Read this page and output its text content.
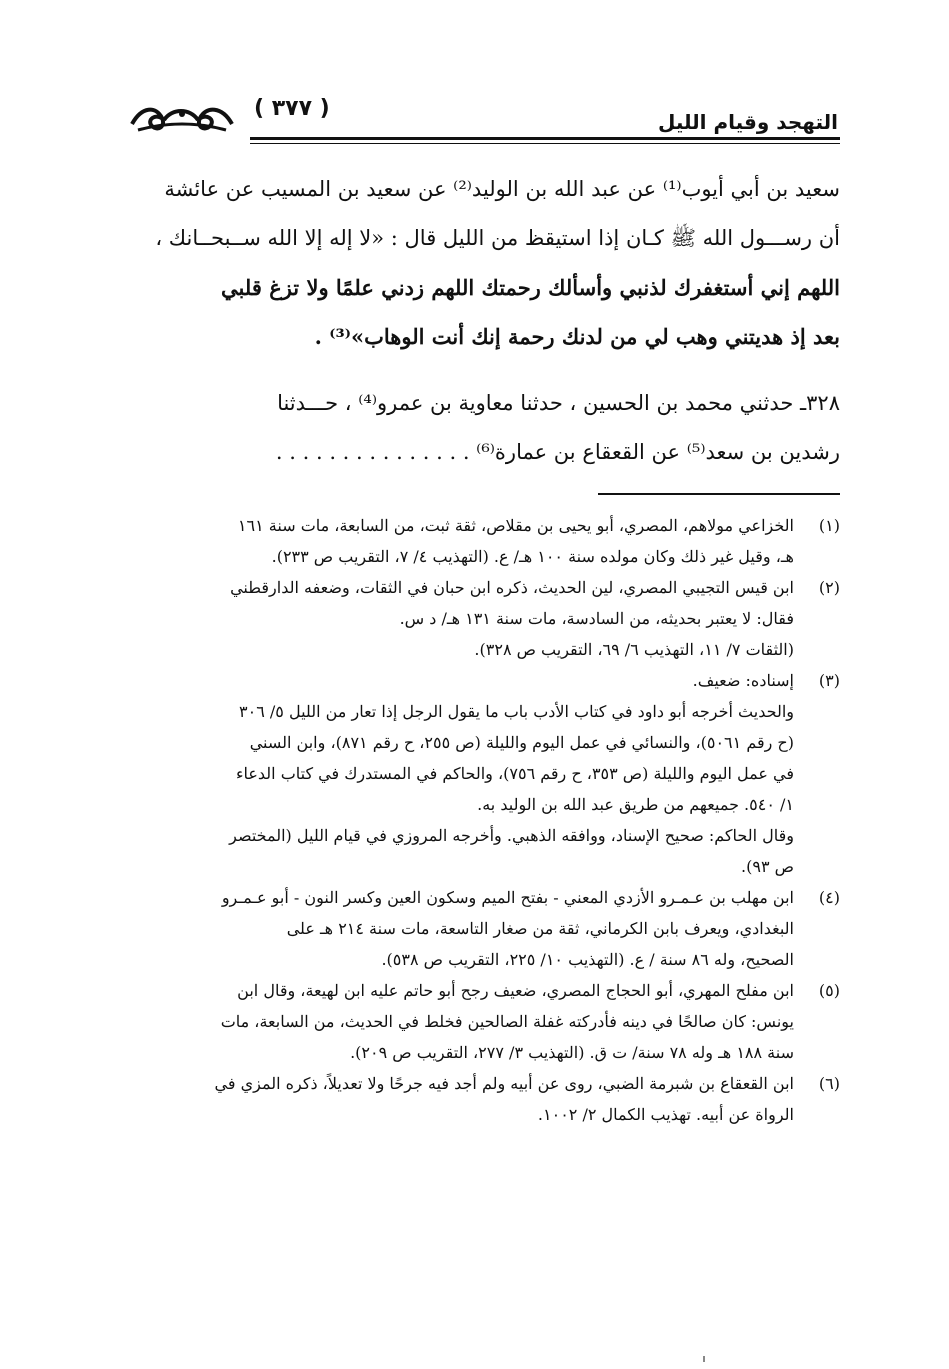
التهجد وقيام الليل
( ٣٧٧ )
سعيد بن أبي أيوب⁽¹⁾ عن عبد الله بن الوليد⁽²⁾ عن سعيد بن المسيب عن عائشة
أن رســـول الله ﷺ كـان إذا استيقظ من الليل قال : «لا إله إلا الله ســبحــانك ،
اللهم إني أستغفرك لذنبي وأسألك رحمتك اللهم زدني علمًا ولا تزغ قلبي
بعد إذ هديتني وهب لي من لدنك رحمة إنك أنت الوهاب»⁽³⁾ .
٣٢٨ـ حدثني محمد بن الحسين ، حدثنا معاوية بن عمرو⁽⁴⁾ ، حـــدثنا
رشدين بن سعد⁽⁵⁾ عن القعقاع بن عمارة⁽⁶⁾ . . . . . . . . . . . . . . .
(١)
الخزاعي مولاهم، المصري، أبو يحيى بن مقلاص، ثقة ثبت، من السابعة، مات سنة ١٦١
هـ، وقيل غير ذلك وكان مولده سنة ١٠٠ هـ/ ع. (التهذيب ٤/ ٧، التقريب ص ٢٣٣).
(٢)
ابن قيس التجيبي المصري، لين الحديث، ذكره ابن حبان في الثقات، وضعفه الدارقطني
فقال: لا يعتبر بحديثه، من السادسة، مات سنة ١٣١ هـ/ د س.
(الثقات ٧/ ١١، التهذيب ٦/ ٦٩، التقريب ص ٣٢٨).
(٣)
إسناده: ضعيف.
والحديث أخرجه أبو داود في كتاب الأدب باب ما يقول الرجل إذا تعار من الليل ٥/ ٣٠٦
(ح رقم ٥٠٦١)، والنسائي في عمل اليوم والليلة (ص ٢٥٥، ح رقم ٨٧١)، وابن السني
في عمل اليوم والليلة (ص ٣٥٣، ح رقم ٧٥٦)، والحاكم في المستدرك في كتاب الدعاء
١/ ٥٤٠. جميعهم من طريق عبد الله بن الوليد به.
وقال الحاكم: صحيح الإسناد، ووافقه الذهبي. وأخرجه المروزي في قيام الليل (المختصر
ص ٩٣).
(٤)
ابن مهلب بن عـمـرو الأزدي المعني - بفتح الميم وسكون العين وكسر النون - أبو عـمـرو
البغدادي، ويعرف بابن الكرماني، ثقة من صغار التاسعة، مات سنة ٢١٤ هـ على
الصحيح، وله ٨٦ سنة / ع. (التهذيب ١٠/ ٢٢٥، التقريب ص ٥٣٨).
(٥)
ابن مفلح المهري، أبو الحجاج المصري، ضعيف رجح أبو حاتم عليه ابن لهيعة، وقال ابن
يونس: كان صالحًا في دينه فأدركته غفلة الصالحين فخلط في الحديث، من السابعة، مات
سنة ١٨٨ هـ وله ٧٨ سنة/ ت ق. (التهذيب ٣/ ٢٧٧، التقريب ص ٢٠٩).
(٦)
ابن القعقاع بن شبرمة الضبي، روى عن أبيه ولم أجد فيه جرحًا ولا تعديلاً، ذكره المزي في
الرواة عن أبيه. تهذيب الكمال ٢/ ١٠٠٢.
